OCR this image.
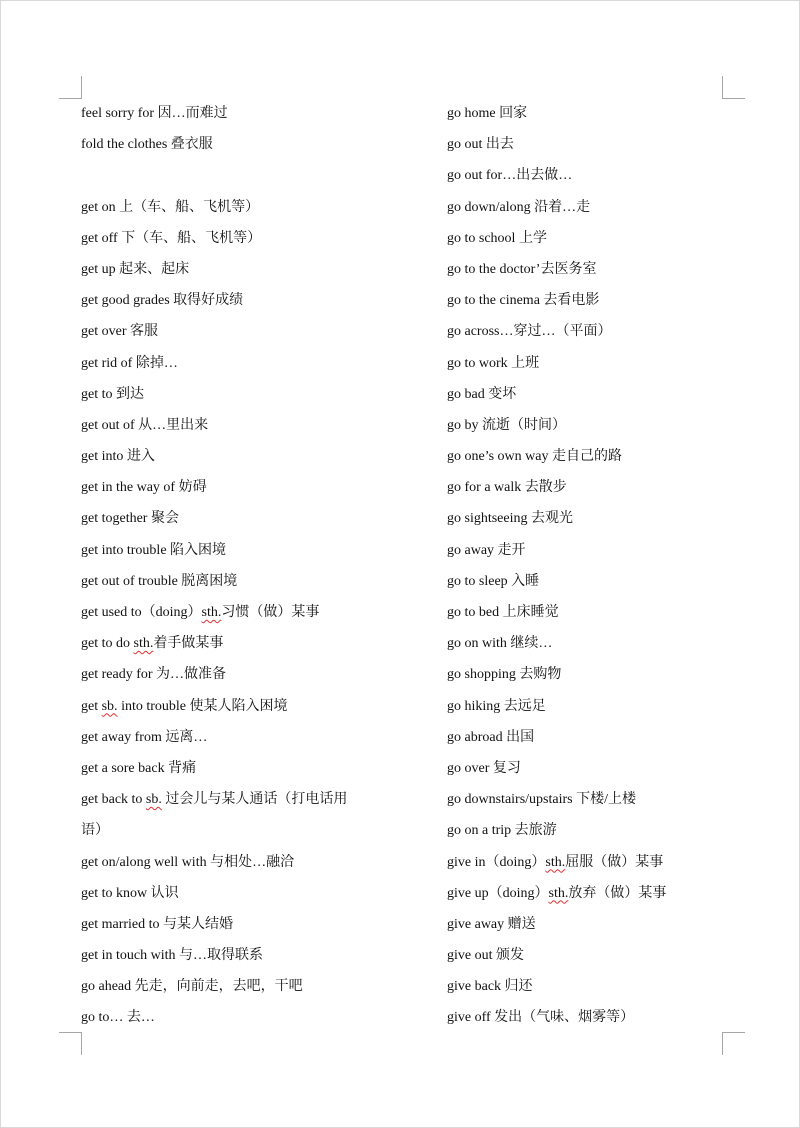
feel sorry for 因…而难过
fold the clothes 叠衣服
get on 上（车、船、飞机等）
get off 下（车、船、飞机等）
get up 起来、起床
get good grades 取得好成绩
get over 客服
get rid of 除掉…
get to 到达
get out of 从…里出来
get into 进入
get in the way of 妨碍
get together 聚会
get into trouble 陷入困境
get out of trouble 脱离困境
get used to（doing）sth.习惯（做）某事
get to do sth.着手做某事
get ready for 为…做准备
get sb. into trouble 使某人陷入困境
get away from 远离…
get a sore back 背痛
get back to sb. 过会儿与某人通话（打电话用
语）
get on/along well with 与相处…融洽
get to know 认识
get married to 与某人结婚
get in touch with 与…取得联系
go ahead 先走，向前走，去吧，干吧
go to… 去…
go home 回家
go out 出去
go out for…出去做…
go down/along 沿着…走
go to school 上学
go to the doctor’去医务室
go to the cinema 去看电影
go across…穿过…（平面）
go to work 上班
go bad 变坏
go by 流逝（时间）
go one’s own way 走自己的路
go for a walk 去散步
go sightseeing 去观光
go away 走开
go to sleep 入睡
go to bed 上床睡觉
go on with 继续…
go shopping 去购物
go hiking 去远足
go abroad 出国
go over 复习
go downstairs/upstairs 下楼/上楼
go on a trip 去旅游
give in（doing）sth.屈服（做）某事
give up（doing）sth.放弃（做）某事
give away 赠送
give out 颁发
give back 归还
give off 发出（气味、烟雾等）
